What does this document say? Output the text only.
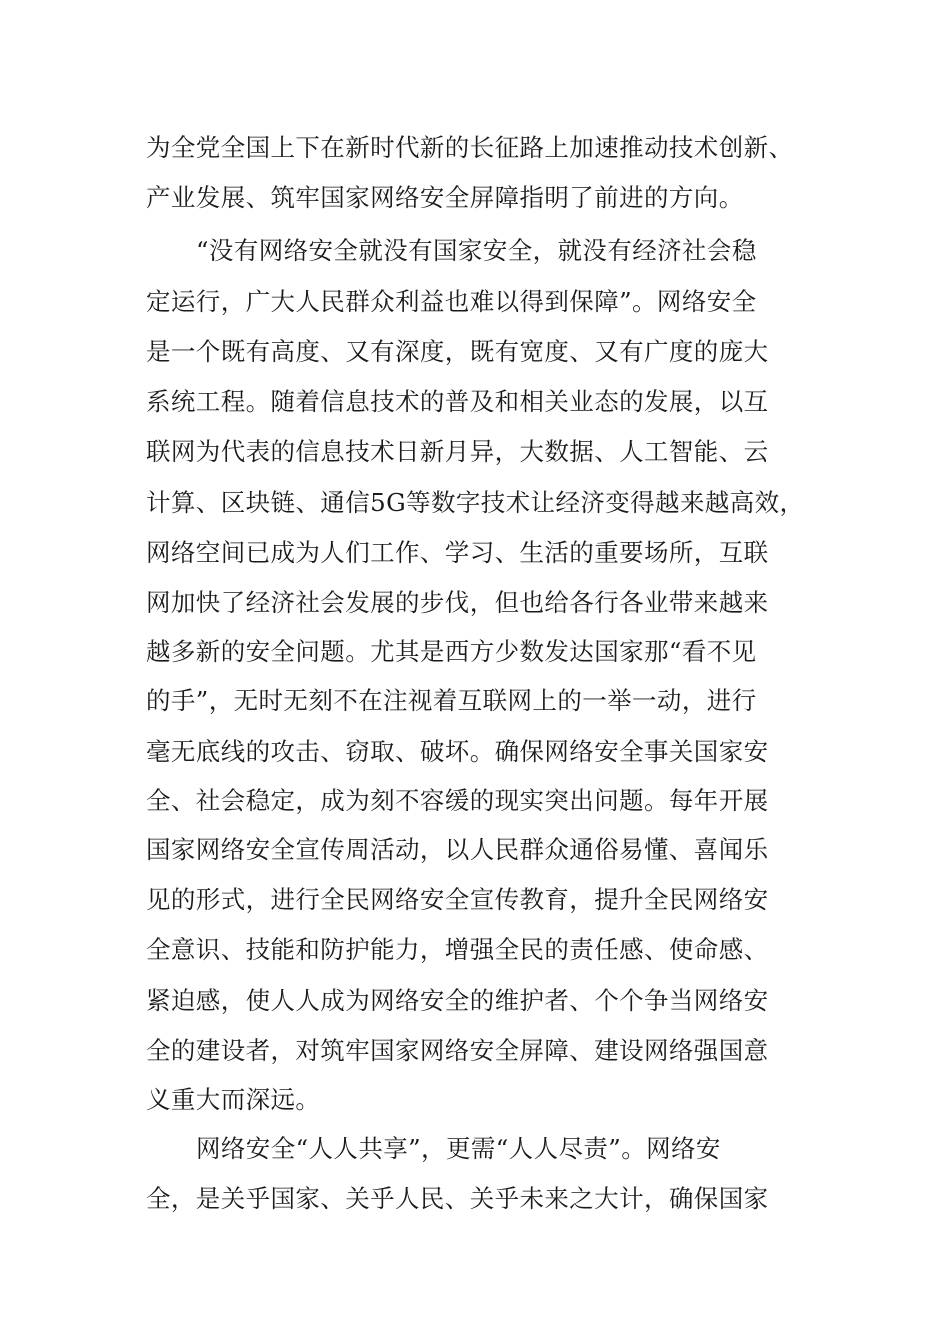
为全党全国上下在新时代新的长征路上加速推动技术创新、
产业发展、筑牢国家网络安全屏障指明了前进的方向。
“没有网络安全就没有国家安全，就没有经济社会稳
定运行，广大人民群众利益也难以得到保障”。网络安全
是一个既有高度、又有深度，既有宽度、又有广度的庞大
系统工程。随着信息技术的普及和相关业态的发展，以互
联网为代表的信息技术日新月异，大数据、人工智能、云
计算、区块链、通信5G等数字技术让经济变得越来越高效，
网络空间已成为人们工作、学习、生活的重要场所，互联
网加快了经济社会发展的步伐，但也给各行各业带来越来
越多新的安全问题。尤其是西方少数发达国家那“看不见
的手”，无时无刻不在注视着互联网上的一举一动，进行
毫无底线的攻击、窃取、破坏。确保网络安全事关国家安
全、社会稳定，成为刻不容缓的现实突出问题。每年开展
国家网络安全宣传周活动，以人民群众通俗易懂、喜闻乐
见的形式，进行全民网络安全宣传教育，提升全民网络安
全意识、技能和防护能力，增强全民的责任感、使命感、
紧迫感，使人人成为网络安全的维护者、个个争当网络安
全的建设者，对筑牢国家网络安全屏障、建设网络强国意
义重大而深远。
网络安全“人人共享”，更需“人人尽责”。网络安
全，是关乎国家、关乎人民、关乎未来之大计，确保国家
